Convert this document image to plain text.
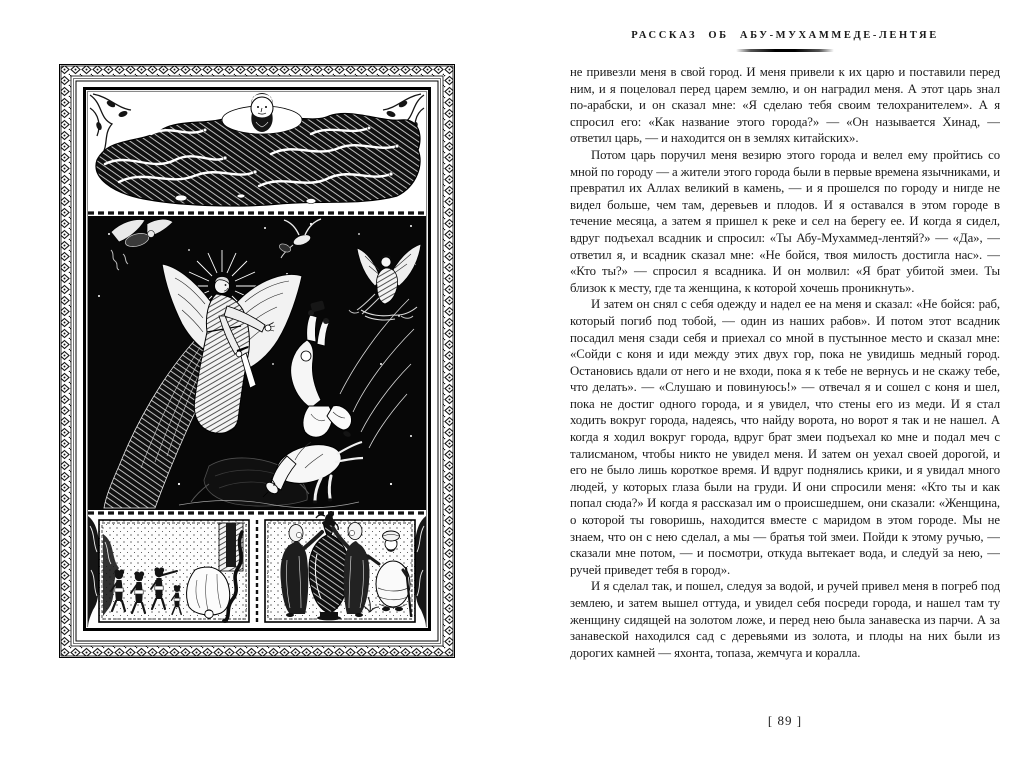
РАССКАЗ ОБ АБУ-МУХАММЕДЕ-ЛЕНТЯЕ

не привезли меня в свой город. И меня привели к их царю и поставили перед ним, и я поцеловал перед царем землю, и он наградил меня. А этот царь знал по-арабски, и он сказал мне: «Я сделаю тебя своим телохранителем». А я спросил его: «Как название этого города?» — «Он называется Хинад, — ответил царь, — и находится он в землях китайских».

Потом царь поручил меня везирю этого города и велел ему пройтись со мной по городу — а жители этого города были в первые времена язычниками, и превратил их Аллах великий в камень, — и я прошелся по городу и нигде не видел больше, чем там, деревьев и плодов. И я оставался в этом городе в течение месяца, а затем я пришел к реке и сел на берегу ее. И когда я сидел, вдруг подъехал всадник и спросил: «Ты Абу-Мухаммед-лентяй?» — «Да», — ответил я, и всадник сказал мне: «Не бойся, твоя милость достигла нас». — «Кто ты?» — спросил я всадника. И он молвил: «Я брат убитой змеи. Ты близок к месту, где та женщина, к которой хочешь проникнуть».

И затем он снял с себя одежду и надел ее на меня и сказал: «Не бойся: раб, который погиб под тобой, — один из наших рабов». И потом этот всадник посадил меня сзади себя и приехал со мной в пустынное место и сказал мне: «Сойди с коня и иди между этих двух гор, пока не увидишь медный город. Остановись вдали от него и не входи, пока я к тебе не вернусь и не скажу тебе, что делать». — «Слушаю и повинуюсь!» — отвечал я и сошел с коня и шел, пока не достиг одного города, и я увидел, что стены его из меди. И я стал ходить вокруг города, надеясь, что найду ворота, но ворот я так и не нашел. А когда я ходил вокруг города, вдруг брат змеи подъехал ко мне и подал меч с талисманом, чтобы никто не увидел меня. И затем он уехал своей дорогой, и его не было лишь короткое время. И вдруг поднялись крики, и я увидал много людей, у которых глаза были на груди. И они спросили меня: «Кто ты и как попал сюда?» И когда я рассказал им о происшедшем, они сказали: «Женщина, о которой ты говоришь, находится вместе с маридом в этом городе. Мы не знаем, что он с нею сделал, а мы — братья той змеи. Пойди к этому ручью, — сказали мне потом, — и посмотри, откуда вытекает вода, и следуй за нею, — ручей приведет тебя в город».

И я сделал так, и пошел, следуя за водой, и ручей привел меня в погреб под землею, и затем вышел оттуда, и увидел себя посреди города, и нашел там ту женщину сидящей на золотом ложе, и перед нею была занавеска из парчи. А за занавеской находился сад с деревьями из золота, и плоды на них были из дорогих камней — яхонта, топаза, жемчуга и коралла.

[ 89 ]
